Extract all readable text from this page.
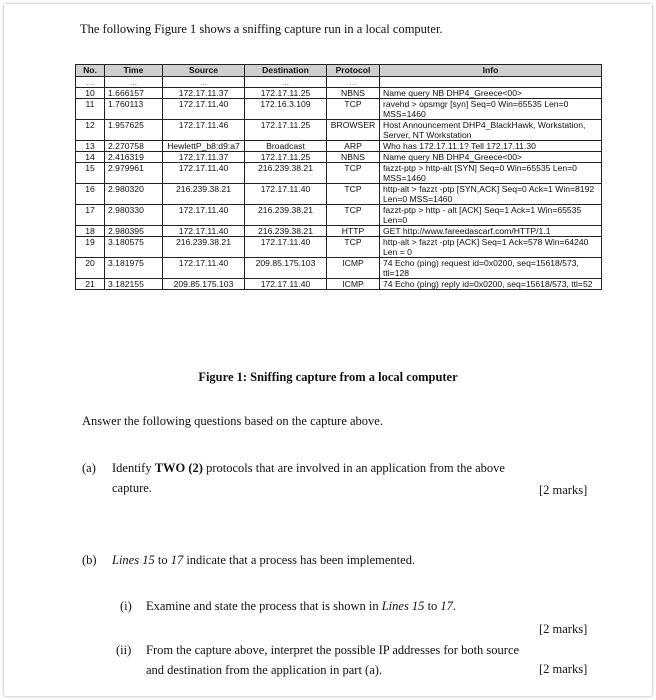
The following Figure 1 shows a sniffing capture run in a local computer.
No.	Time	Source	Destination	Protocol	Info
...	...	...	...	...	
10	1.666157	172.17.11.37	172.17.11.25	NBNS	Name query NB DHP4_Greece<00>
11	1.760113	172.17.11.40	172.16.3.109	TCP	ravehd > opsmgr [syn] Seq=0 Win=65535 Len=0 MSS=1460
12	1.957625	172.17.11.46	172.17.11.25	BROWSER	Host Announcement DHP4_BlackHawk, Workstation, Server, NT Workstation
13	2.270758	HewlettP_b8:d9:a7	Broadcast	ARP	Who has 172.17.11.1? Tell 172.17.11.30
14	2.416319	172.17.11.37	172.17.11.25	NBNS	Name query NB DHP4_Greece<00>
15	2.979961	172.17.11.40	216.239.38.21	TCP	fazzt-ptp > http-alt [SYN] Seq=0 Win=65535 Len=0 MSS=1460
16	2.980320	216.239.38.21	172.17.11.40	TCP	http-alt > fazzt -ptp [SYN,ACK] Seq=0 Ack=1 Win=8192 Len=0 MSS=1460
17	2.980330	172.17.11.40	216.239.38.21	TCP	fazzt-ptp > http - alt [ACK] Seq=1 Ack=1 Win=65535 Len=0
18	2.980395	172.17.11.40	216.239.38.21	HTTP	GET http://www.fareedascarf.com/HTTP/1.1
19	3.180575	216.239.38.21	172.17.11.40	TCP	http-alt > fazzt -ptp [ACK] Seq=1 Ack=578 Win=64240 Len = 0
20	3.181975	172.17.11.40	209.85.175.103	ICMP	74 Echo (ping) request id=0x0200, seq=15618/573, ttl=128
21	3.182155	209.85.175.103	172.17.11.40	ICMP	74 Echo (ping) reply id=0x0200, seq=15618/573, ttl=52
Figure 1: Sniffing capture from a local computer
Answer the following questions based on the capture above.
(a) Identify TWO (2) protocols that are involved in an application from the above capture.	[2 marks]
(b) Lines 15 to 17 indicate that a process has been implemented.
(i) Examine and state the process that is shown in Lines 15 to 17.
[2 marks]
(ii) From the capture above, interpret the possible IP addresses for both source and destination from the application in part (a).	[2 marks]
